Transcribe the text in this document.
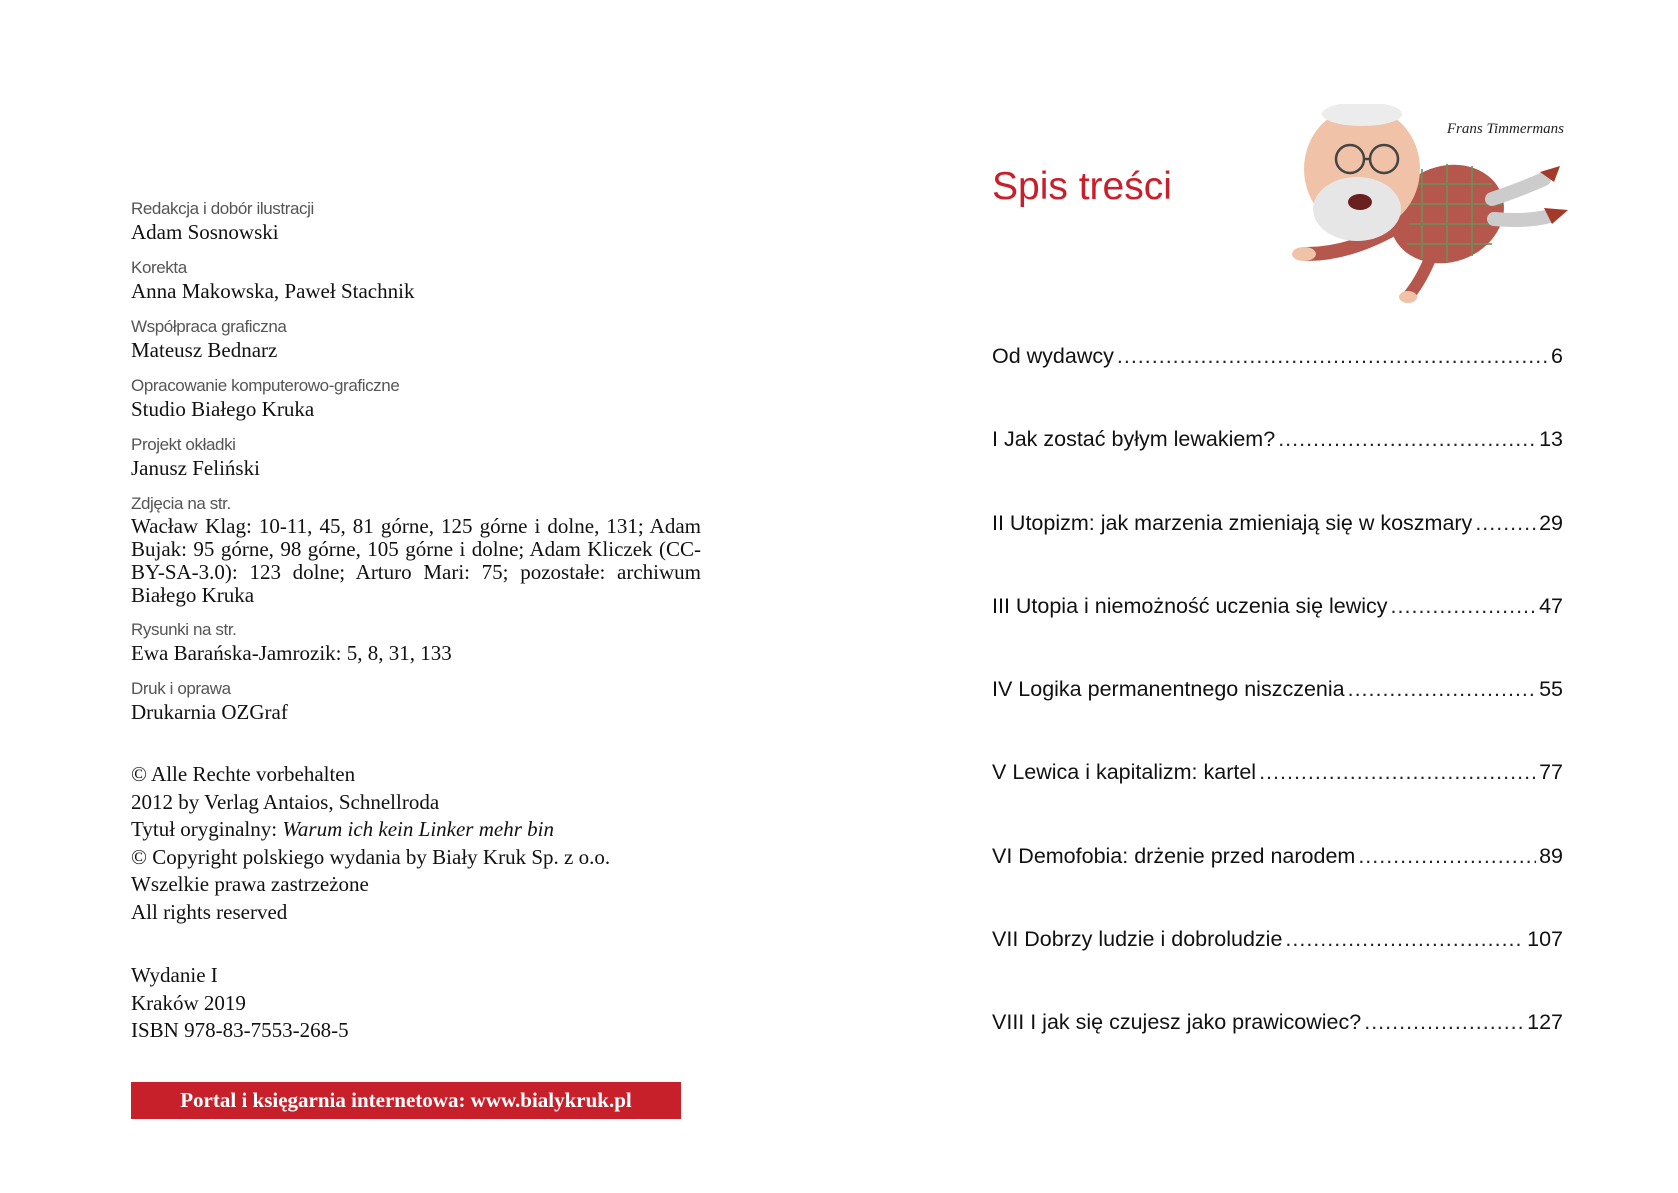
Redakcja i dobór ilustracji
Adam Sosnowski
Korekta
Anna Makowska, Paweł Stachnik
Współpraca graficzna
Mateusz Bednarz
Opracowanie komputerowo-graficzne
Studio Białego Kruka
Projekt okładki
Janusz Feliński
Zdjęcia na str.
Wacław Klag: 10-11, 45, 81 górne, 125 górne i dolne, 131; Adam Bujak: 95 górne, 98 górne, 105 górne i dolne; Adam Kliczek (CC-BY-SA-3.0): 123 dolne; Arturo Mari: 75; pozostałe: archiwum Białego Kruka
Rysunki na str.
Ewa Barańska-Jamrozik: 5, 8, 31, 133
Druk i oprawa
Drukarnia OZGraf
© Alle Rechte vorbehalten
2012 by Verlag Antaios, Schnellroda
Tytuł oryginalny: Warum ich kein Linker mehr bin
© Copyright polskiego wydania by Biały Kruk Sp. z o.o.
Wszelkie prawa zastrzeżone
All rights reserved
Wydanie I
Kraków 2019
ISBN 978-83-7553-268-5
Portal i księgarnia internetowa: www.bialykruk.pl
Spis treści
Frans Timmermans
Od wydawcy .....	6
I Jak zostać byłym lewakiem? .....	13
II Utopizm: jak marzenia zmieniają się w koszmary .....	29
III Utopia i niemożność uczenia się lewicy .....	47
IV Logika permanentnego niszczenia .....	55
V Lewica i kapitalizm: kartel .....	77
VI Demofobia: drżenie przed narodem .....	89
VII Dobrzy ludzie i dobroludzie .....	107
VIII I jak się czujesz jako prawicowiec? .....	127
